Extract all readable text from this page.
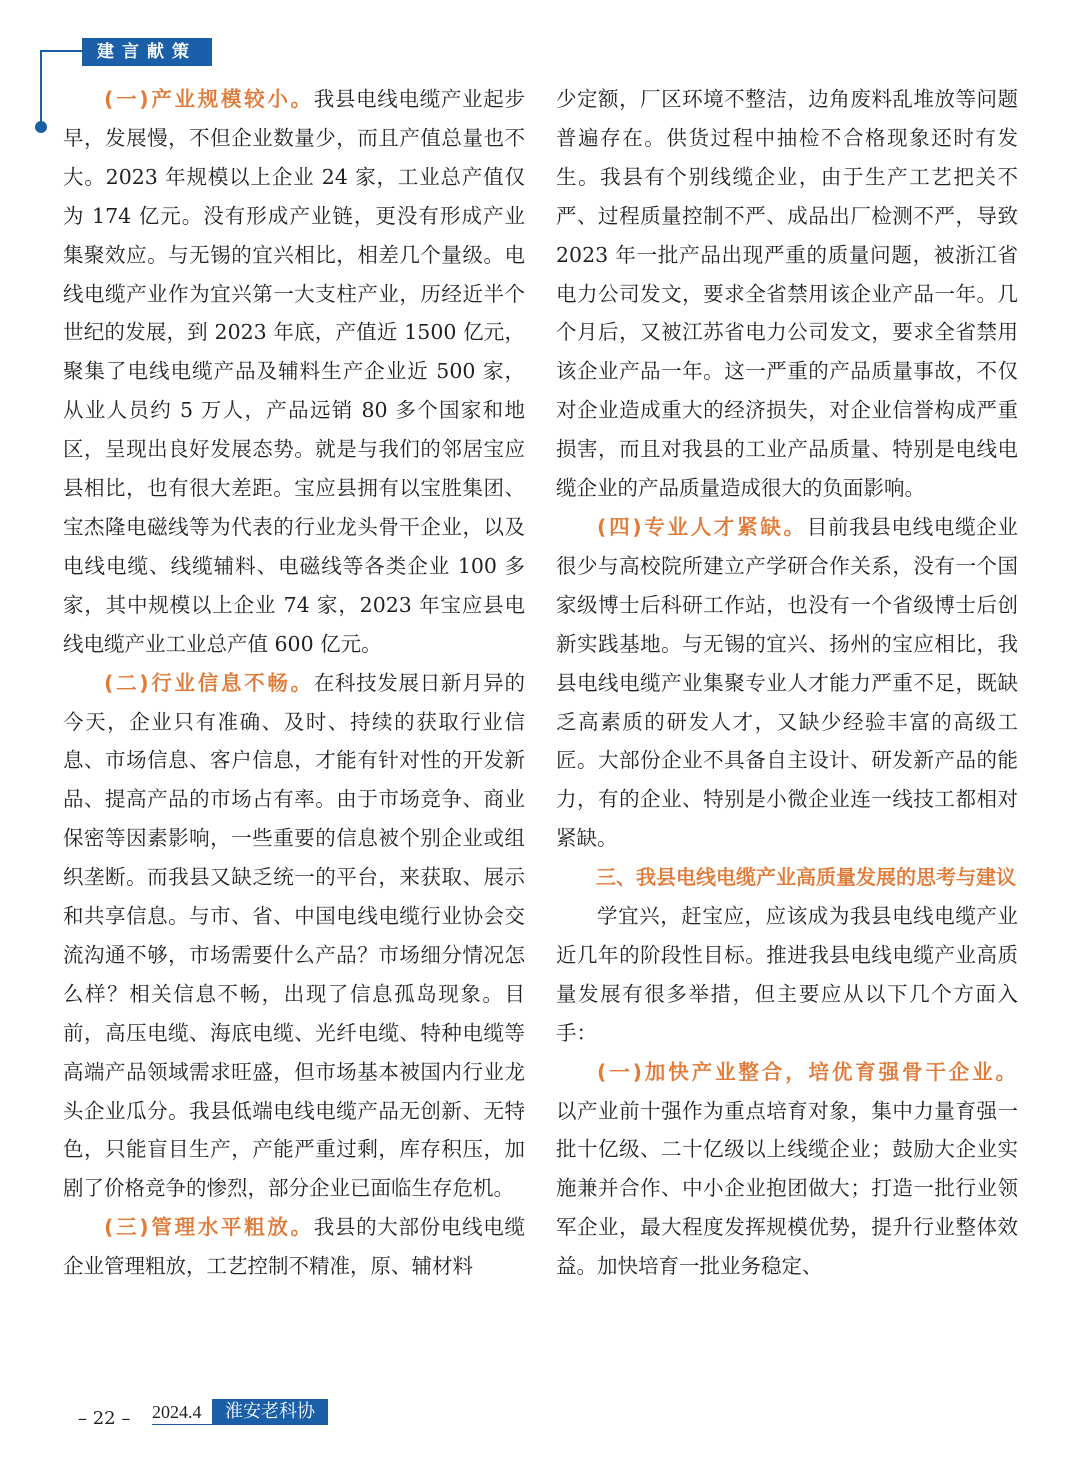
建言献策

(一)产业规模较小。我县电线电缆产业起步早，发展慢，不但企业数量少，而且产值总量也不大。2023 年规模以上企业 24 家，工业总产值仅为 174 亿元。没有形成产业链，更没有形成产业集聚效应。与无锡的宜兴相比，相差几个量级。电线电缆产业作为宜兴第一大支柱产业，历经近半个世纪的发展，到 2023 年底，产值近 1500 亿元，聚集了电线电缆产品及辅料生产企业近 500 家，从业人员约 5 万人，产品远销 80 多个国家和地区，呈现出良好发展态势。就是与我们的邻居宝应县相比，也有很大差距。宝应县拥有以宝胜集团、宝杰隆电磁线等为代表的行业龙头骨干企业，以及电线电缆、线缆辅料、电磁线等各类企业 100 多家，其中规模以上企业 74 家，2023 年宝应县电线电缆产业工业总产值 600 亿元。

(二)行业信息不畅。在科技发展日新月异的今天，企业只有准确、及时、持续的获取行业信息、市场信息、客户信息，才能有针对性的开发新品、提高产品的市场占有率。由于市场竞争、商业保密等因素影响，一些重要的信息被个别企业或组织垄断。而我县又缺乏统一的平台，来获取、展示和共享信息。与市、省、中国电线电缆行业协会交流沟通不够，市场需要什么产品？市场细分情况怎么样？相关信息不畅，出现了信息孤岛现象。目前，高压电缆、海底电缆、光纤电缆、特种电缆等高端产品领域需求旺盛，但市场基本被国内行业龙头企业瓜分。我县低端电线电缆产品无创新、无特色，只能盲目生产，产能严重过剩，库存积压，加剧了价格竞争的惨烈，部分企业已面临生存危机。

(三)管理水平粗放。我县的大部份电线电缆企业管理粗放，工艺控制不精准，原、辅材料

少定额，厂区环境不整洁，边角废料乱堆放等问题普遍存在。供货过程中抽检不合格现象还时有发生。我县有个别线缆企业，由于生产工艺把关不严、过程质量控制不严、成品出厂检测不严，导致 2023 年一批产品出现严重的质量问题，被浙江省电力公司发文，要求全省禁用该企业产品一年。几个月后，又被江苏省电力公司发文，要求全省禁用该企业产品一年。这一严重的产品质量事故，不仅对企业造成重大的经济损失，对企业信誉构成严重损害，而且对我县的工业产品质量、特别是电线电缆企业的产品质量造成很大的负面影响。

(四)专业人才紧缺。目前我县电线电缆企业很少与高校院所建立产学研合作关系，没有一个国家级博士后科研工作站，也没有一个省级博士后创新实践基地。与无锡的宜兴、扬州的宝应相比，我县电线电缆产业集聚专业人才能力严重不足，既缺乏高素质的研发人才，又缺少经验丰富的高级工匠。大部份企业不具备自主设计、研发新产品的能力，有的企业、特别是小微企业连一线技工都相对紧缺。

三、我县电线电缆产业高质量发展的思考与建议

学宜兴，赶宝应，应该成为我县电线电缆产业近几年的阶段性目标。推进我县电线电缆产业高质量发展有很多举措，但主要应从以下几个方面入手：

(一)加快产业整合，培优育强骨干企业。以产业前十强作为重点培育对象，集中力量育强一批十亿级、二十亿级以上线缆企业；鼓励大企业实施兼并合作、中小企业抱团做大；打造一批行业领军企业，最大程度发挥规模优势，提升行业整体效益。加快培育一批业务稳定、

– 22 – 2024.4	淮安老科协
